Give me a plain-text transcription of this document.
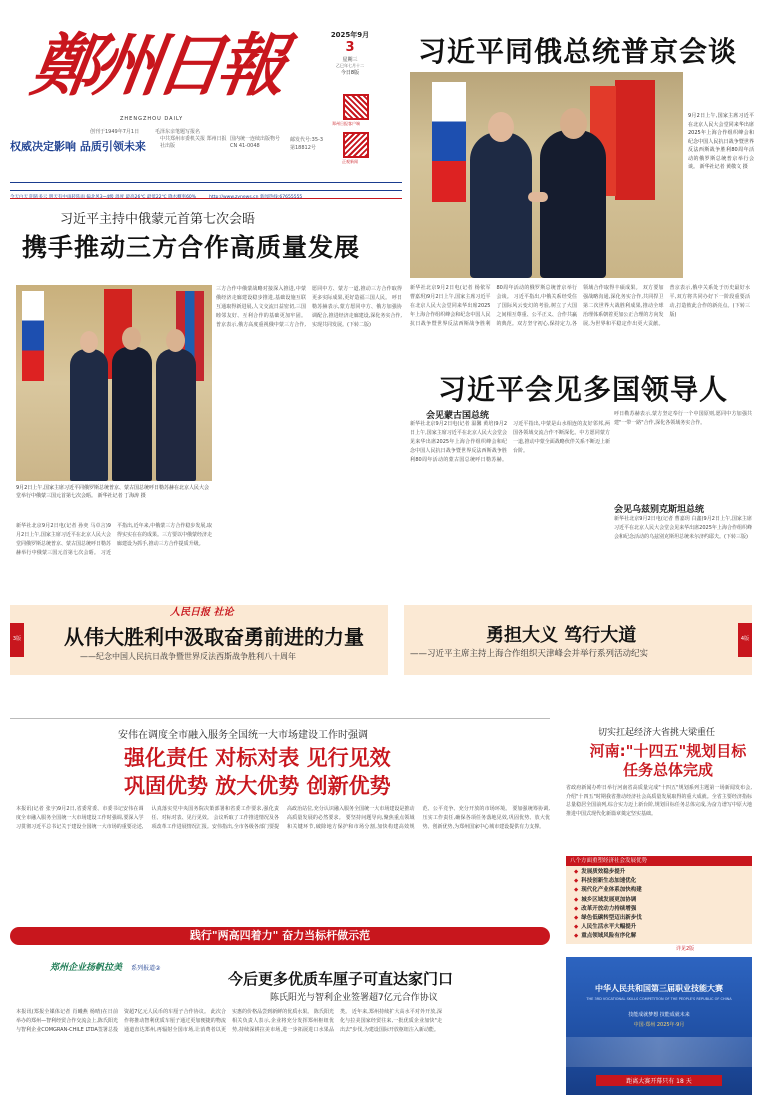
鄭州日報
ZHENGZHOU DAILY
创刊于1949年7月1日	毛泽东亲笔题写报名
2025年9月
3
星期三
乙巳年七月十二
今日8版
郑州日报客户端
正观新闻
权威决定影响 品质引领未来
中共郑州市委机关报 郑州日报社出版
国内统一连续出版物号 CN 41-0048
邮发代号:35-3
第18812号
习近平同俄总统普京会谈
9月2日上午,国家主席习近平在北京人民大会堂同来华出席2025年上海合作组织峰会和纪念中国人民抗日战争暨世界反法西斯战争胜利80周年活动的俄罗斯总统普京举行会谈。 新华社记者 黄敬文 摄
新华社北京9月2日电(记者 杨依军 曹嘉玥)9月2日上午,国家主席习近平在北京人民大会堂同来华出席2025年上海合作组织峰会和纪念中国人民抗日战争暨世界反法西斯战争胜利80周年活动的俄罗斯总统普京举行会谈。 习近平指出,中俄关系经受住了国际风云变幻的考验,树立了大国之间相互尊重、公平正义、合作共赢的典范。双方坚守初心,保持定力,各领域合作取得丰硕成果。 双方要加强战略沟通,深化务实合作,共同捍卫第二次世界大战胜利成果,推动全球治理体系朝着更加公正合理的方向发展,为世界和平稳定作出更大贡献。 普京表示,俄中关系处于历史最好水平,双方将共同办好下一阶段重要活动,打造彼此合作的新亮点。(下转三版)
习近平主持中俄蒙元首第七次会晤
携手推动三方合作高质量发展
9月2日上午,国家主席习近平同俄罗斯总统普京、蒙古国总统呼日勒苏赫在北京人民大会堂举行中俄蒙三国元首第七次会晤。 新华社记者 丁海涛 摄
新华社北京9月2日电(记者 孙奕 马卓言)9月2日上午,国家主席习近平在北京人民大会堂同俄罗斯总统普京、蒙古国总统呼日勒苏赫举行中俄蒙三国元首第七次会晤。 习近平指出,近年来,中俄蒙三方合作稳步发展,取得实实在在的成果。三方要以中俄蒙经济走廊建设为抓手,推动三方合作提质升级。
三方合作中俄蒙战略对接深入推进,中蒙俄经济走廊建设稳步推进,基础设施互联互通取得新进展,人文交流日益密切,三国睦邻友好、互利合作的基础更加牢固。 普京表示,俄方高度重视俄中蒙三方合作,愿同中方、蒙方一道,推动三方合作取得更多实际成果,更好造福三国人民。 呼日勒苏赫表示,蒙方愿同中方、俄方加强协调配合,推进经济走廊建设,深化务实合作,实现共同发展。(下转二版)
习近平会见多国领导人
会见蒙古国总统
会见乌兹别克斯坦总统
新华社北京9月2日电(记者 温馨 黄培)9月2日上午,国家主席习近平在北京人民大会堂会见来华出席2025年上海合作组织峰会和纪念中国人民抗日战争暨世界反法西斯战争胜利80周年活动的蒙古国总统呼日勒苏赫。 习近平指出,中蒙是山水相连的友好邻邦,两国各领域交流合作不断深化。中方愿同蒙方一道,推动中蒙全面战略伙伴关系不断迈上新台阶。
呼日勒苏赫表示,蒙方坚定奉行一个中国原则,愿同中方加强共建"一带一路"合作,深化各领域务实合作。
新华社北京9月2日电(记者 曹嘉玥 白鑫)9月2日上午,国家主席习近平在北京人民大会堂会见来华出席2025年上海合作组织峰会和纪念活动的乌兹别克斯坦总统米尔济约耶夫。(下转三版)
3版
人民日报 社论
从伟大胜利中汲取奋勇前进的力量
——纪念中国人民抗日战争暨世界反法西斯战争胜利八十周年
勇担大义 笃行大道
——习近平主席主持上海合作组织天津峰会并举行系列活动纪实
4版
安伟在调度全市融入服务全国统一大市场建设工作时强调
强化责任 对标对表 见行见效
巩固优势 放大优势 创新优势
本报讯(记者 张宇)9月2日,省委常委、市委书记安伟在调度全市融入服务全国统一大市场建设工作时强调,要深入学习贯彻习近平总书记关于建设全国统一大市场的重要论述,认真落实党中央国务院决策部署和省委工作要求,强化责任、对标对表、见行见效。 会议听取了工作推进情况及各项改革工作进展情况汇报。安伟指出,全市各级各部门要提高政治站位,充分认识融入服务全国统一大市场建设是推动高质量发展的必然要求。 要坚持问题导向,聚焦重点领域和关键环节,破除地方保护和市场分割,加快构建高效规范、公平竞争、充分开放的市场环境。 要加强统筹协调,压实工作责任,确保各项任务落地见效,巩固优势、放大优势、创新优势,为郑州国家中心城市建设提供有力支撑。
切实扛起经济大省挑大梁重任
河南:"十四五"规划目标任务总体完成
省政府新闻办昨日举行河南省高质量完成"十四五"规划系列主题第一场新闻发布会,介绍"十四五"时期我省推动经济社会高质量发展取得的重大成就。全省主要经济指标总量稳居全国前列,综合实力迈上新台阶,规划目标任务总体完成,为奋力谱写中原大地推进中国式现代化新篇章奠定坚实基础。
八个方面重塑经济社会发展优势
◆ 发展质效稳步提升
◆ 科技创新生态加速优化
◆ 现代化产业体系加快构建
◆ 城乡区域发展更加协调
◆ 改革开放动力持续增强
◆ 绿色低碳转型迈出新步伐
◆ 人民生活水平大幅提升
◆ 重点领域风险有序化解
详见2版
践行"两高四着力" 奋力当标杆做示范
郑州企业扬帆拉美 系列报道②
今后更多优质车厘子可直达家门口
陈氏阳光与智利企业签署超7亿元合作协议
本报讯(郑报全媒体记者 肖曦燕 杨晴)在日前举办的郑州—智利经贸合作交流会上,陈氏阳光与智利企业COMGRAN-CHILE LTDA签署总投资超7亿元人民币的车厘子合作协议。 此次合作将推动智利优质车厘子通过更加便捷的物流通道直达郑州,再辐射全国市场,让消费者以更实惠的价格品尝到新鲜的优质水果。 陈氏阳光相关负责人表示,企业将充分发挥郑州枢纽优势,持续深耕拉美市场,进一步拓展进口水果品类。 近年来,郑州持续扩大高水平对外开放,深化与拉美国家经贸往来,一批优质企业加快"走出去"步伐,为建设国际开放枢纽注入新动能。
中华人民共和国第三届职业技能大赛
THE 3RD VOCATIONAL SKILLS COMPETITION OF THE PEOPLE'S REPUBLIC OF CHINA
技能成就梦想 技能成就未来
中国·郑州 2025年·9月
距离大赛开幕只有 18 天
